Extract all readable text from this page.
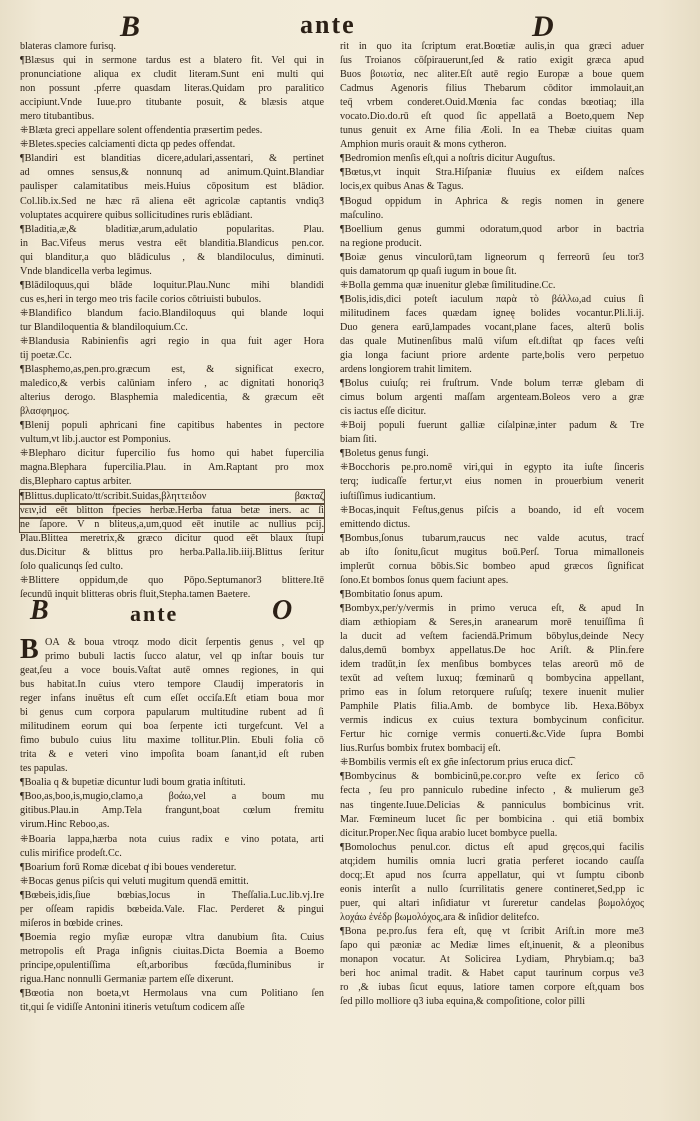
B	ante	D
blateras clamore furisq.
¶Blæsus qui in sermone tardus est a blatero fit. Vel qui in
pronunciatione aliqua ex cludit literam.Sunt eni multi qui
non possunt .pferre quasdam literas.Quidam pro paralitico
accipiunt.Vnde Iuue.pro titubante posuit, & blæsis atque
mero titubantibus.
⁜Blæta greci appellare solent offendentia præsertim pedes.
⁜Bletes.species calciamenti dicta qp pedes offendat.
¶Blandiri est blanditias dicere,adulari,assentari, & pertinet
ad omnes sensus,& nonnunq ad animum.Quint.Blandiar
paulisper calamitatibus meis.Huius cōpositum est blādior.
Col.lib.ix.Sed ne hæc rā aliena eēt agricolæ captantis vndiq3
voluptates acquirere quibus sollicitudines ruris eblādiant.
¶Bladitia,æ,& bladitiæ,arum,adulatio popularitas. Plau.
in Bac.Vifeus merus vestra eēt blanditia.Blandicus pen.cor.
qui blanditur,a quo blādiculus , & blandiloculus, diminuti.
Vnde blandicella verba legimus.
¶Blādiloquus,qui blāde loquitur.Plau.Nunc mihi blandidi
cus es,heri in tergo meo tris facile corios cōtriuisti bubulos.
⁜Blandifico blandum facio.Blandiloquus qui blande loqui
tur Blandiloquentia & blandiloquium.Cc.
⁜Blandusia Rabinienfis agri regio in qua fuit ager Hora
tij poetæ.Cc.
¶Blasphemo,as,pen.pro.græcum est, & significat execro,
maledico,& verbis calūniam infero , ac dignitati honoriq3
alterius derogo. Blasphemia maledicentia, & græcum eēt
βλασφημος.
¶Blenij populi aphricani fine capitibus habentes in pectore
vultum,vt lib.j.auctor est Pomponius.
⁜Blepharo dicitur fupercilio fus homo qui habet fupercilia
magna.Blephara fupercilia.Plau. in Am.Raptant pro mox
dis,Blepharo captus arbiter.
¶Blittus.duplicato/tt/scribit.Suidas,βληττειδον βακταζ
νειν,id eēt blitton fpecies herbæ.Herba fatua betæ iners. ac ſi
ne ſapore. V n bliteus,a,um,quod eēt inutile ac nullius pcij.
Plau.Blittea meretrix,& græco dicitur quod eēt blaux ſtupi
dus.Dicitur & blittus pro herba.Palla.lib.iiij.Blittus ſeritur
ſolo qualicunqs ſed culto.
⁜Blittere oppidum,de quo Pōpo.Septumanor3 blittere.Itē
ſecundū inquit blitteras obris fluit,Stepha.tamen Baetere.
B	ante	O
B OA & boua vtroqz modo dicit ſerpentis genus , vel qp
primo bubuli lactis ſucco alatur, vel qp inſtar bouis tur
geat,ſeu a voce bouis.Vaſtat autē omnes regiones, in qui
bus habitat.In cuius vtero tempore Claudij imperatoris in
reger infans inuētus eſt cum eſſet occiſa.Eſt etiam boua mor
bi genus cum corpora papularum multitudine rubent ad ſi
militudinem eorum qui boa ſerpente icti turgefcunt. Vel a
fimo bubulo cuius litu maxime tollitur.Plin. Ebuli folia cō
trita & e veteri vino impoſita boam ſanant,id eſt ruben
tes papulas.
¶Boalia q & bupetiæ dicuntur ludi boum gratia inſtituti.
¶Boo,as,boo,is,mugio,clamo,a βοάω,vel a boum mu
gitibus.Plau.in Amp.Tela frangunt,boat cœlum fremitu
virum.Hinc Reboo,as.
⁜Boaria lappa,hærba nota cuius radix e vino potata, arti
culis mirifice prodeſt.Cc.
¶Boarium forū Romæ dicebat qͥ ibi boues venderetur.
⁜Bocas genus piſcis qui veluti mugitum quendā emittit.
¶Bœbeis,idis,ſiue bœbias,locus in Theſſalia.Luc.lib.vj.Ire
per oſſeam rapidis bœbeida.Vale. Flac. Perderet & pingui
miſeros in bœbide crines.
¶Boemia regio myſiæ europæ vltra danubium ſita. Cuius
metropolis eſt Praga inſignis ciuitas.Dicta Boemia a Boemo
principe,opulentiſſima eſt,arboribus fœcūda,fluminibus ir
rigua.Hanc nonnulli Germaniæ partem eſſe dixerunt.
¶Bœotia non boeta,vt Hermolaus vna cum Politiano ſen
tit,qui ſe vidiſſe Antonini itineris vetuſtum codicem aſſe
rit in quo ita ſcriptum erat.Boœtiæ aulis,in qua græci aduer
ſus Troianos cōſpirauerunt,ſed & ratio exigit græca apud
Buos βοιωτία, nec aliter.Eſt autē regio Europæ a boue quem
Cadmus Agenoris filius Thebarum cōditor immolauit,an
teq̄ vrbem conderet.Ouid.Mœnia fac condas bœotiaq; illa
vocato.Dio.do.rū eſt quod ſic appellatā a Boeto,quem Nep
tunus genuit ex Arne filia Æoli. In ea Thebæ ciuitas quam
Amphion muris orauit & mons cytheron.
¶Bedromion menſis eſt,qui a noſtris dicitur Auguſtus.
¶Bœtus,vt inquit Stra.Hiſpaniæ fluuius ex eiſdem naſces
locis,ex quibus Anas & Tagus.
¶Bogud oppidum in Aphrica & regis nomen in genere
maſculino.
¶Boellium genus gummi odoratum,quod arbor in bactria
na regione producit.
¶Boiæ genus vinculorū,tam ligneorum q ferreorū ſeu tor3
quis damatorum qp quaſi iugum in boue ſit.
⁜Bolla gemma quæ inuenitur glebæ ſimilitudine.Cc.
¶Bolis,idis,dici poteſt iaculum παρὰ τὸ βάλλω,ad cuius ſi
militudinem faces quædam igneę bolides vocantur.Pli.li.ij.
Duo genera earū,lampades vocant,plane faces, alterū bolis
das quale Mutinenſibus malū viſum eſt.diſtat qp faces veſti
gia longa faciunt priore ardente parte,bolis vero perpetuo
ardens longiorem trahit limitem.
¶Bolus cuiuſq; rei fruſtrum. Vnde bolum terræ glebam di
cimus bolum argenti maſſam argenteam.Boleos vero a græ
cis iactus eſſe dicitur.
⁜Boij populi fuerunt galliæ ciſalpinæ,inter padum & Tre
biam ſiti.
¶Boletus genus fungi.
⁜Bocchoris pe.pro.nomē viri,qui in egypto ita iuſte ſinceris
terq; iudicaſſe fertur,vt eius nomen in prouerbium venerit
iuſtiſſimus iudicantium.
⁜Bocas,inquit Feſtus,genus piſcis a boando, id eſt vocem
emittendo dictus.
¶Bombus,ſonus tubarum,raucus nec valde acutus, tract͡
ab iſto ſonitu,ſicut mugitus boū.Perſ. Torua mimalloneis
implerūt cornua bōbis.Sic bombeo apud græcos ſignificat
ſono.Et bombos ſonus quem faciunt apes.
¶Bombitatio ſonus apum.
¶Bombyx,per/y/vermis in primo veruca eſt, & apud In
diam æthiopiam & Seres,in aranearum morē tenuiſſima ſi
la ducit ad veſtem faciendā.Primum bōbylus,deinde Necy
dalus,demū bombyx appellatus.De hoc Ariſt. & Plin.fere
idem tradūt,in ſex menſibus bombyces telas areorū mō de
texūt ad veſtem luxuq; fœminarū q bombycina appellant,
primo eas in ſolum retorquere ruſuſq; texere inuenit mulier
Pamphile Platis filia.Amb. de bombyce lib. Hexa.Bōbyx
vermis indicus ex cuius textura bombycinum conficitur.
Fertur hic cornige vermis conuerti.&c.Vide ſupra Bombi
lius.Rurſus bombix frutex bombacij eſt.
⁜Bombilis vermis eſt ex gñe inſectorum prius eruca dict͡.
¶Bombycinus & bombicinū,pe.cor.pro veſte ex ſerico cō
fecta , ſeu pro panniculo rubedine infecto , & mulierum ge3
nas tingente.Iuue.Delicias & panniculus bombicinus vrit.
Mar. Fœmineum lucet ſic per bombicina . qui etiā bombix
dicitur.Proper.Nec ſiqua arabio lucet bombyce puella.
¶Bomolochus penul.cor. dictus eſt apud gręcos,qui facilis
atq;idem humilis omnia lucri gratia perferet iocando cauſſa
docq;.Et apud nos ſcurra appellatur, qui vt ſumptu cibonb
eonis interſit a nullo ſcurrilitatis genere contineret,Sed,pp ic
puer, qui altari inſidiatur vt ſureretur candelas βωμολόχος
λοχάω ἐνέδρ βωμολόχος,ara & inſidior delitefco.
¶Bona pe.pro.ſus fera eſt, quę vt ſcribit Ariſt.in more me3
ſapo qui pæoniæ ac Mediæ limes eſt,inuenit, & a pleonibus
monapon vocatur. At Solicirea Lydiam, Phrybiam.q; ba3
beri hoc animal tradit. & Habet caput taurinum corpus ve3
ro ,& iubas ſicut equus, latiore tamen corpore eſt,quam bos
ſed pillo molliore q3 iuba equina,& compoſitione, color pilli
